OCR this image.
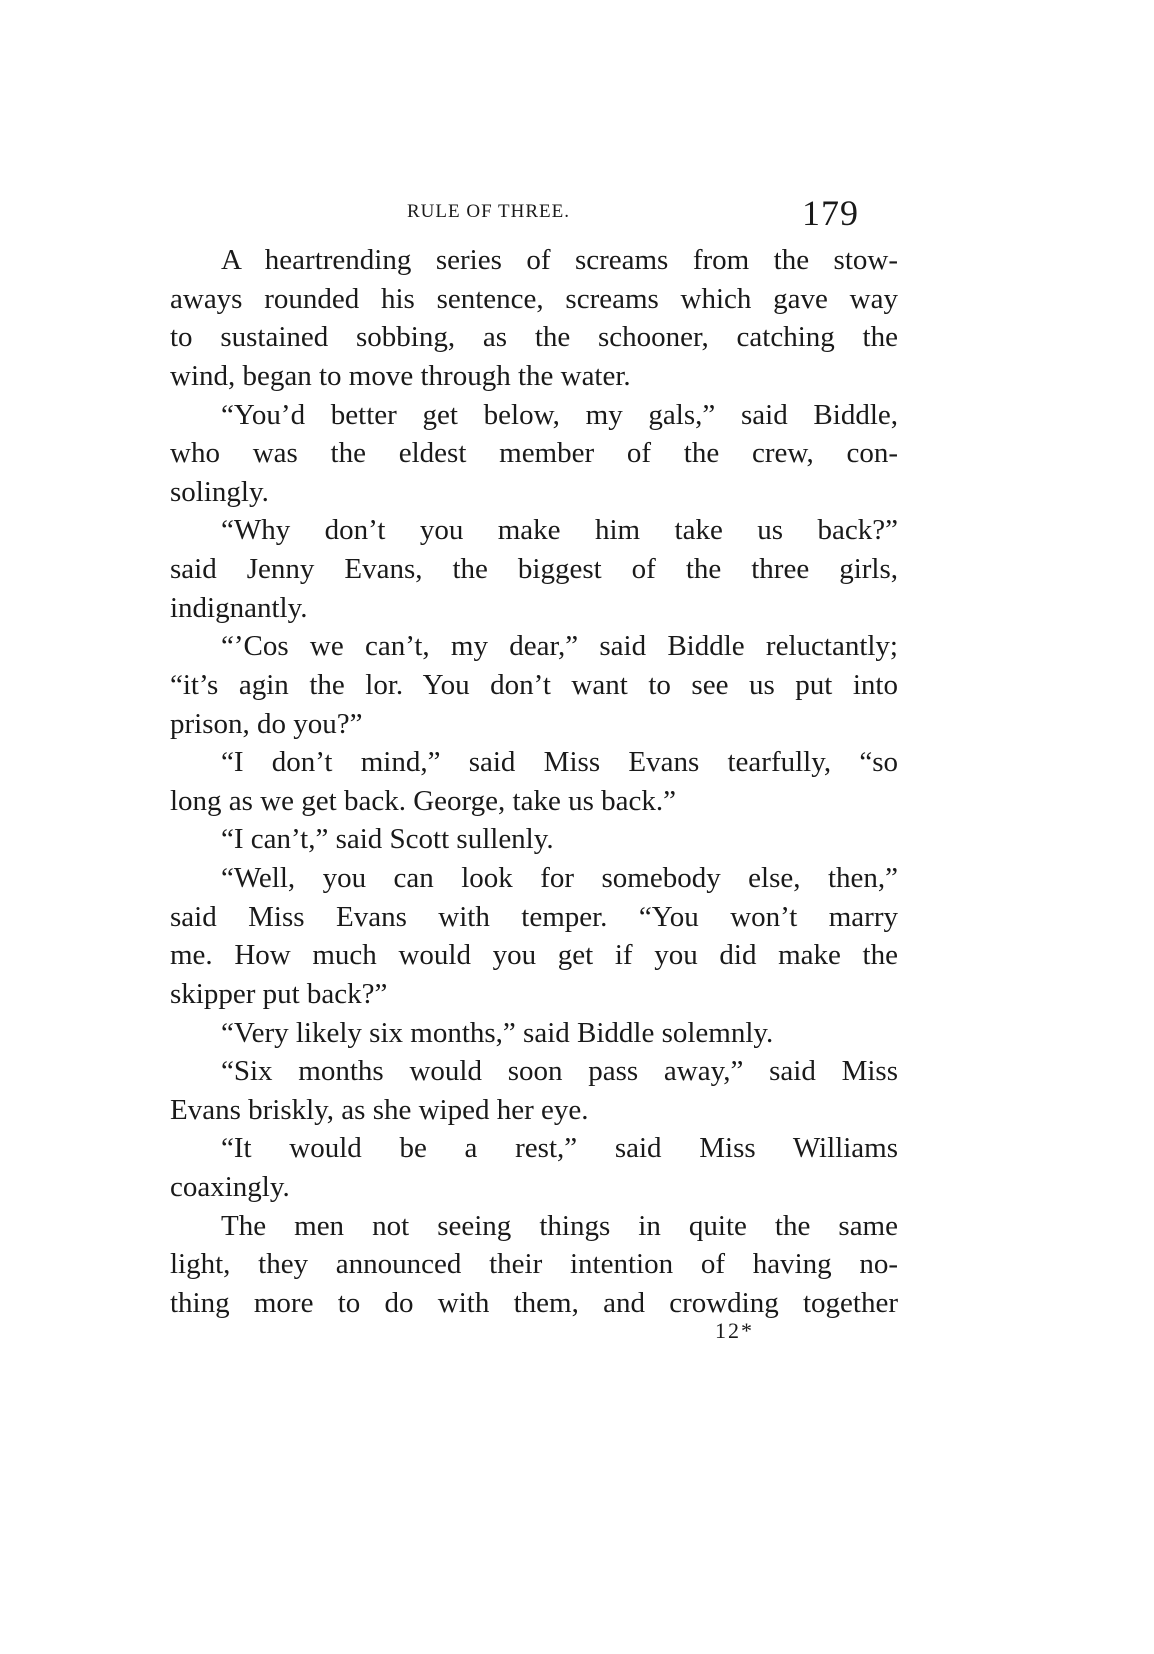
RULE OF THREE.	179
A heartrending series of screams from the stow-
aways rounded his sentence, screams which gave way
to sustained sobbing, as the schooner, catching the
wind, began to move through the water.
“You’d better get below, my gals,” said Biddle,
who was the eldest member of the crew, con-
solingly.
“Why don’t you make him take us back?”
said Jenny Evans, the biggest of the three girls,
indignantly.
“’Cos we can’t, my dear,” said Biddle reluctantly;
“it’s agin the lor. You don’t want to see us put into
prison, do you?”
“I don’t mind,” said Miss Evans tearfully, “so
long as we get back. George, take us back.”
“I can’t,” said Scott sullenly.
“Well, you can look for somebody else, then,”
said Miss Evans with temper. “You won’t marry
me. How much would you get if you did make the
skipper put back?”
“Very likely six months,” said Biddle solemnly.
“Six months would soon pass away,” said Miss
Evans briskly, as she wiped her eye.
“It would be a rest,” said Miss Williams
coaxingly.
The men not seeing things in quite the same
light, they announced their intention of having no-
thing more to do with them, and crowding together
12*
